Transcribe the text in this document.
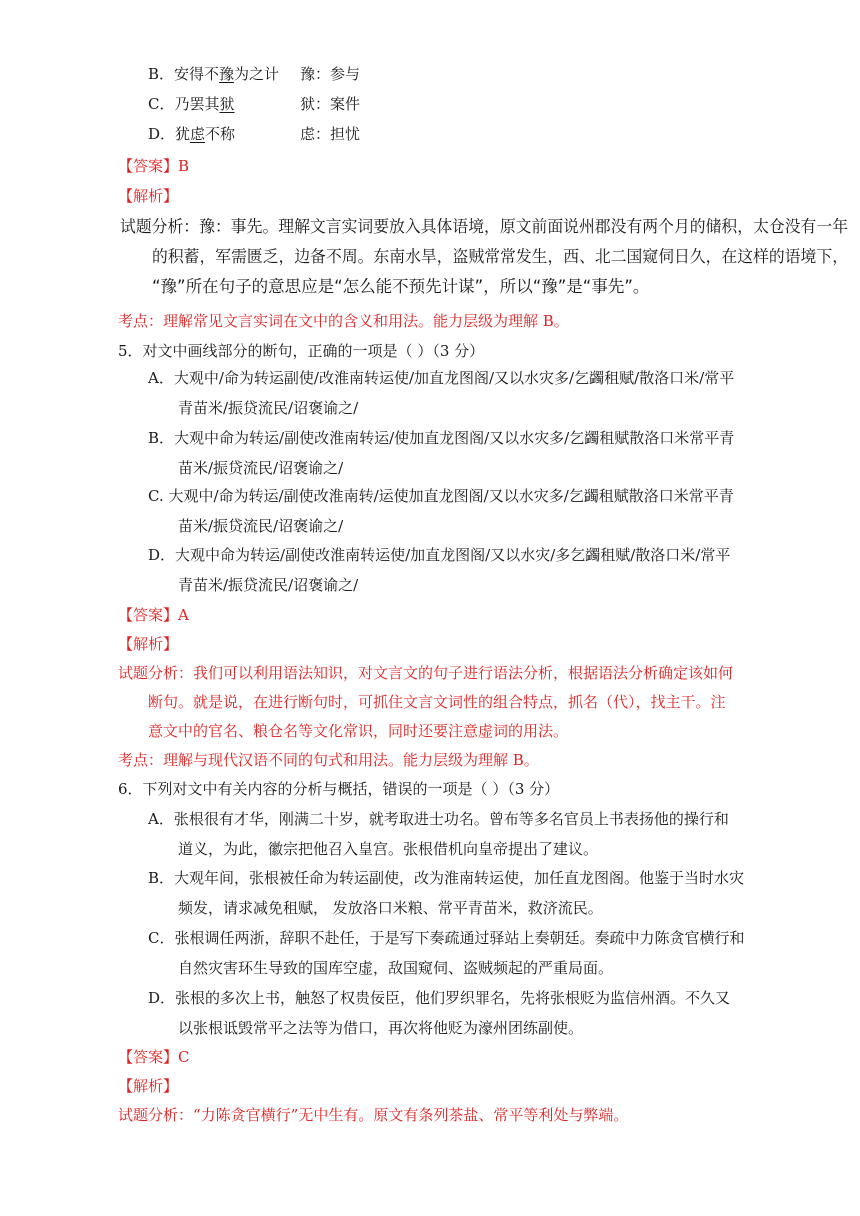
B．安得不豫为之计 豫：参与
C．乃罢其狱	狱：案件
D．犹虑不称	虑：担忧
【答案】B
【解析】
试题分析：豫：事先。理解文言实词要放入具体语境，原文前面说州郡没有两个月的储积，太仓没有一年
的积蓄，军需匮乏，边备不周。东南水旱，盗贼常常发生，西、北二国窥伺日久，在这样的语境下，
“豫”所在句子的意思应是“怎么能不预先计谋”，所以“豫”是“事先”。
考点：理解常见文言实词在文中的含义和用法。能力层级为理解 B。
5．对文中画线部分的断句，正确的一项是（ ）（3 分）
A．大观中/命为转运副使/改淮南转运使/加直龙图阁/又以水灾多/乞蠲租赋/散洛口米/常平
青苗米/振贷流民/诏褒谕之/
B．大观中命为转运/副使改淮南转运/使加直龙图阁/又以水灾多/乞蠲租赋散洛口米常平青
苗米/振贷流民/诏褒谕之/
C. 大观中/命为转运/副使改淮南转/运使加直龙图阁/又以水灾多/乞蠲租赋散洛口米常平青
苗米/振贷流民/诏褒谕之/
D．大观中命为转运/副使改淮南转运使/加直龙图阁/又以水灾/多乞蠲租赋/散洛口米/常平
青苗米/振贷流民/诏褒谕之/
【答案】A
【解析】
试题分析：我们可以利用语法知识，对文言文的句子进行语法分析，根据语法分析确定该如何
断句。就是说，在进行断句时，可抓住文言文词性的组合特点，抓名（代），找主干。注
意文中的官名、粮仓名等文化常识，同时还要注意虚词的用法。
考点：理解与现代汉语不同的句式和用法。能力层级为理解 B。
6．下列对文中有关内容的分析与概括，错误的一项是（ ）（3 分）
A．张根很有才华，刚满二十岁，就考取进士功名。曾布等多名官员上书表扬他的操行和
道义，为此，徽宗把他召入皇宫。张根借机向皇帝提出了建议。
B．大观年间，张根被任命为转运副使，改为淮南转运使，加任直龙图阁。他鉴于当时水灾
频发，请求减免租赋， 发放洛口米粮、常平青苗米，救济流民。
C．张根调任两浙，辞职不赴任，于是写下奏疏通过驿站上奏朝廷。奏疏中力陈贪官横行和
自然灾害环生导致的国库空虚，敌国窥伺、盗贼频起的严重局面。
D．张根的多次上书，触怒了权贵佞臣，他们罗织罪名，先将张根贬为监信州酒。不久又
以张根诋毁常平之法等为借口，再次将他贬为濠州团练副使。
【答案】C
【解析】
试题分析：“力陈贪官横行”无中生有。原文有条列茶盐、常平等利处与弊端。
